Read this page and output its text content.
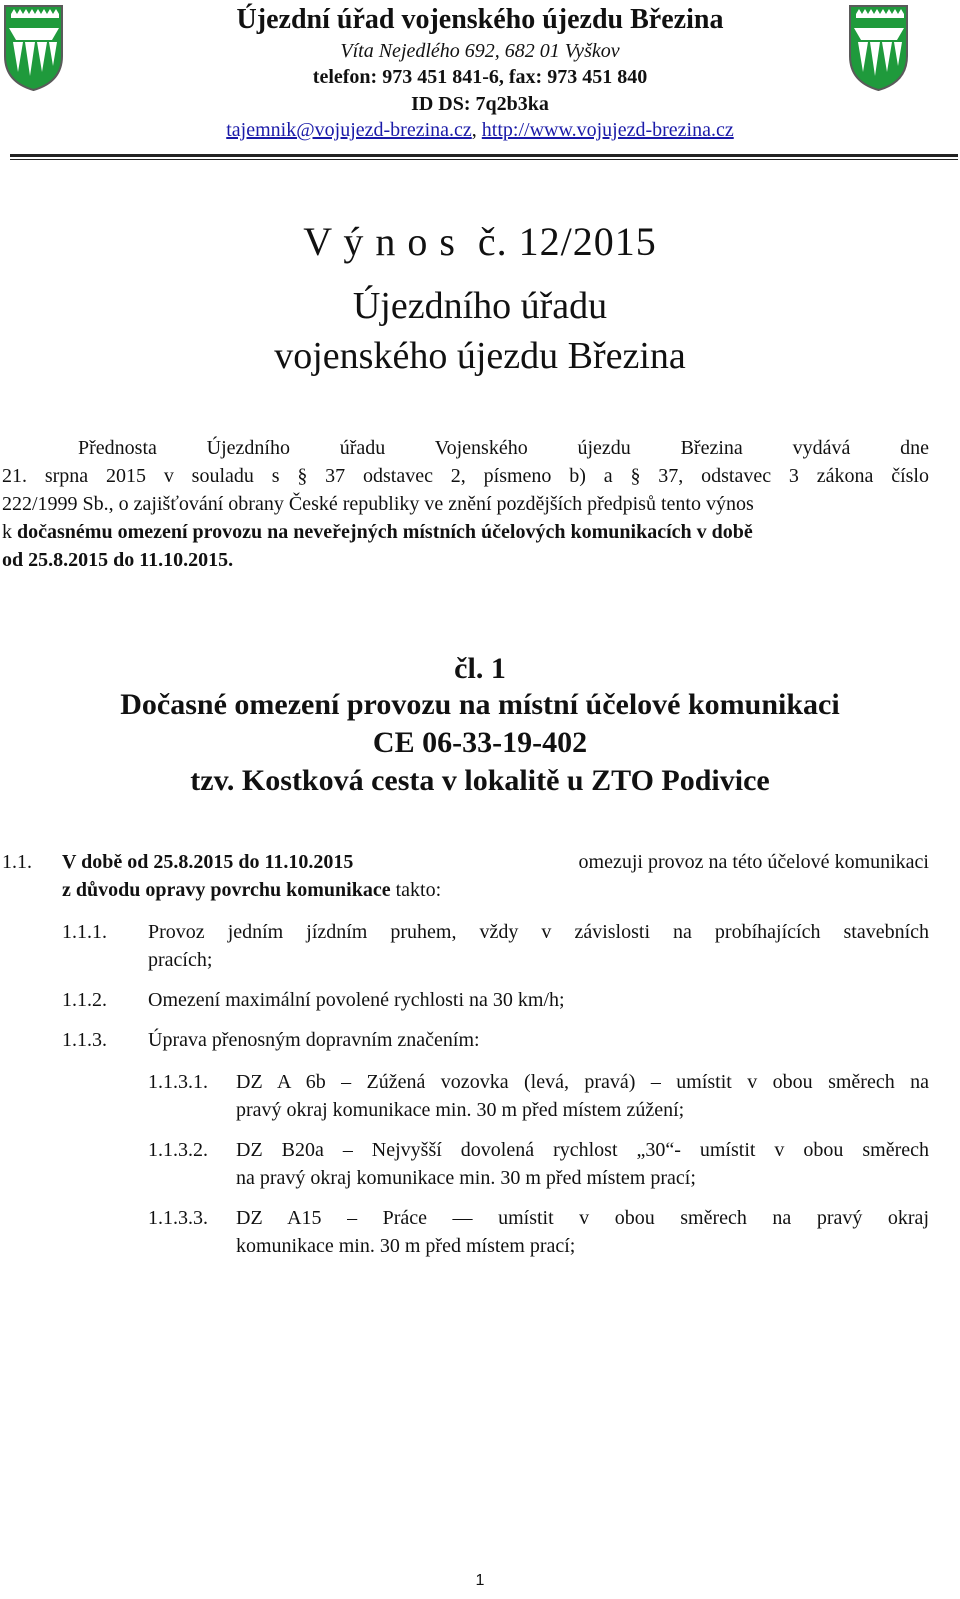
Újezdní úřad vojenského újezdu Březina
Víta Nejedlého 692, 682 01 Vyškov
telefon: 973 451 841-6, fax: 973 451 840
ID DS: 7q2b3ka
tajemnik@vojujezd-brezina.cz, http://www.vojujezd-brezina.cz
V ý n o s  č. 12/2015
Újezdního úřadu
vojenského újezdu Březina
Přednosta Újezdního úřadu Vojenského újezdu Březina vydává dne
21. srpna 2015 v souladu s § 37 odstavec 2, písmeno b) a § 37, odstavec 3 zákona číslo
222/1999 Sb., o zajišťování obrany České republiky ve znění pozdějších předpisů tento výnos
k dočasnému omezení provozu na neveřejných místních účelových komunikacích v době
od 25.8.2015 do 11.10.2015.
čl. 1
Dočasné omezení provozu na místní účelové komunikaci
CE 06-33-19-402
tzv. Kostková cesta v lokalitě u ZTO Podivice
1.1. V době od 25.8.2015 do 11.10.2015	omezuji provoz na této účelové komunikaci
z důvodu opravy povrchu komunikace takto:
1.1.1. Provoz jedním jízdním pruhem, vždy v závislosti na probíhajících stavebních
pracích;
1.1.2. Omezení maximální povolené rychlosti na 30 km/h;
1.1.3. Úprava přenosným dopravním značením:
1.1.3.1. DZ A 6b – Zúžená vozovka (levá, pravá) – umístit v obou směrech na
pravý okraj komunikace min. 30 m před místem zúžení;
1.1.3.2. DZ B20a – Nejvyšší dovolená rychlost „30“- umístit v obou směrech
na pravý okraj komunikace min. 30 m před místem prací;
1.1.3.3. DZ A15 – Práce — umístit v obou směrech na pravý okraj
komunikace min. 30 m před místem prací;
1
